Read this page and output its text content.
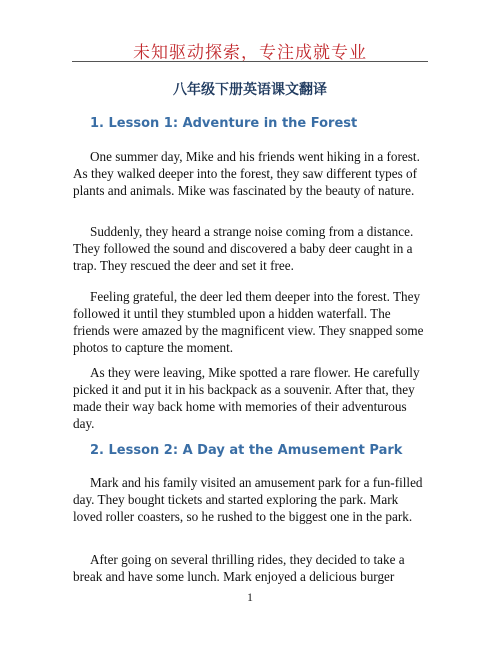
未知驱动探索，专注成就专业
八年级下册英语课文翻译
1. Lesson 1: Adventure in the Forest

One summer day, Mike and his friends went hiking in a forest. As they walked deeper into the forest, they saw different types of plants and animals. Mike was fascinated by the beauty of nature.

Suddenly, they heard a strange noise coming from a distance. They followed the sound and discovered a baby deer caught in a trap. They rescued the deer and set it free.

Feeling grateful, the deer led them deeper into the forest. They followed it until they stumbled upon a hidden waterfall. The friends were amazed by the magnificent view. They snapped some photos to capture the moment.

As they were leaving, Mike spotted a rare flower. He carefully picked it and put it in his backpack as a souvenir. After that, they made their way back home with memories of their adventurous day.

2. Lesson 2: A Day at the Amusement Park

Mark and his family visited an amusement park for a fun-filled day. They bought tickets and started exploring the park. Mark loved roller coasters, so he rushed to the biggest one in the park.

After going on several thrilling rides, they decided to take a break and have some lunch. Mark enjoyed a delicious burger

1
